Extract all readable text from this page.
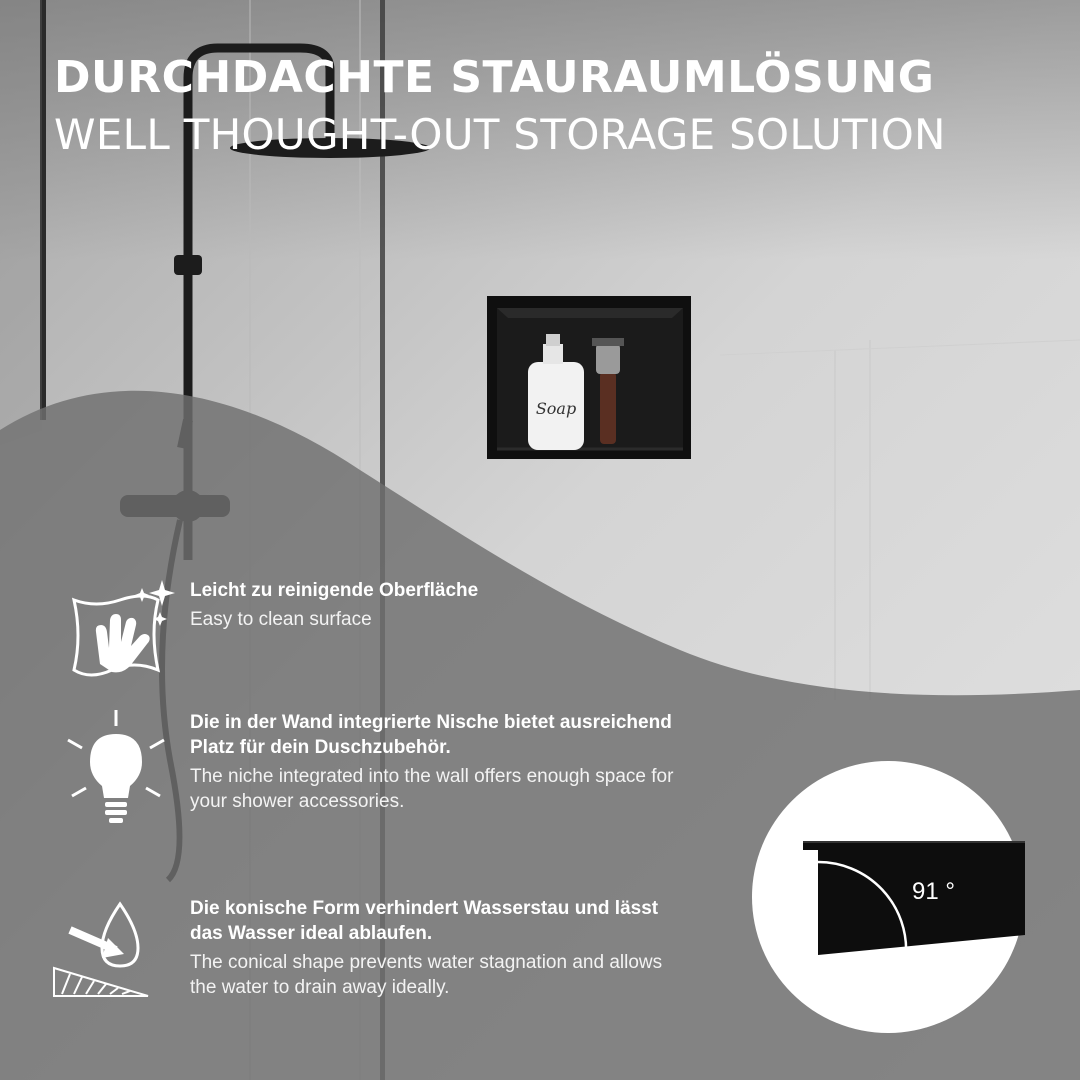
Soap
DURCHDACHTE STAURAUMLÖSUNG
WELL THOUGHT-OUT STORAGE SOLUTION

Leicht zu reinigende Oberfläche

Easy to clean surface

Die in der Wand integrierte Nische bietet ausreichend Platz für dein Duschzubehör.

The niche integrated into the wall offers enough space for your shower accessories.

Die konische Form verhindert Wasserstau und lässt das Wasser ideal ablaufen.

The conical shape prevents water stagnation and allows the water to drain away ideally.

91 °
